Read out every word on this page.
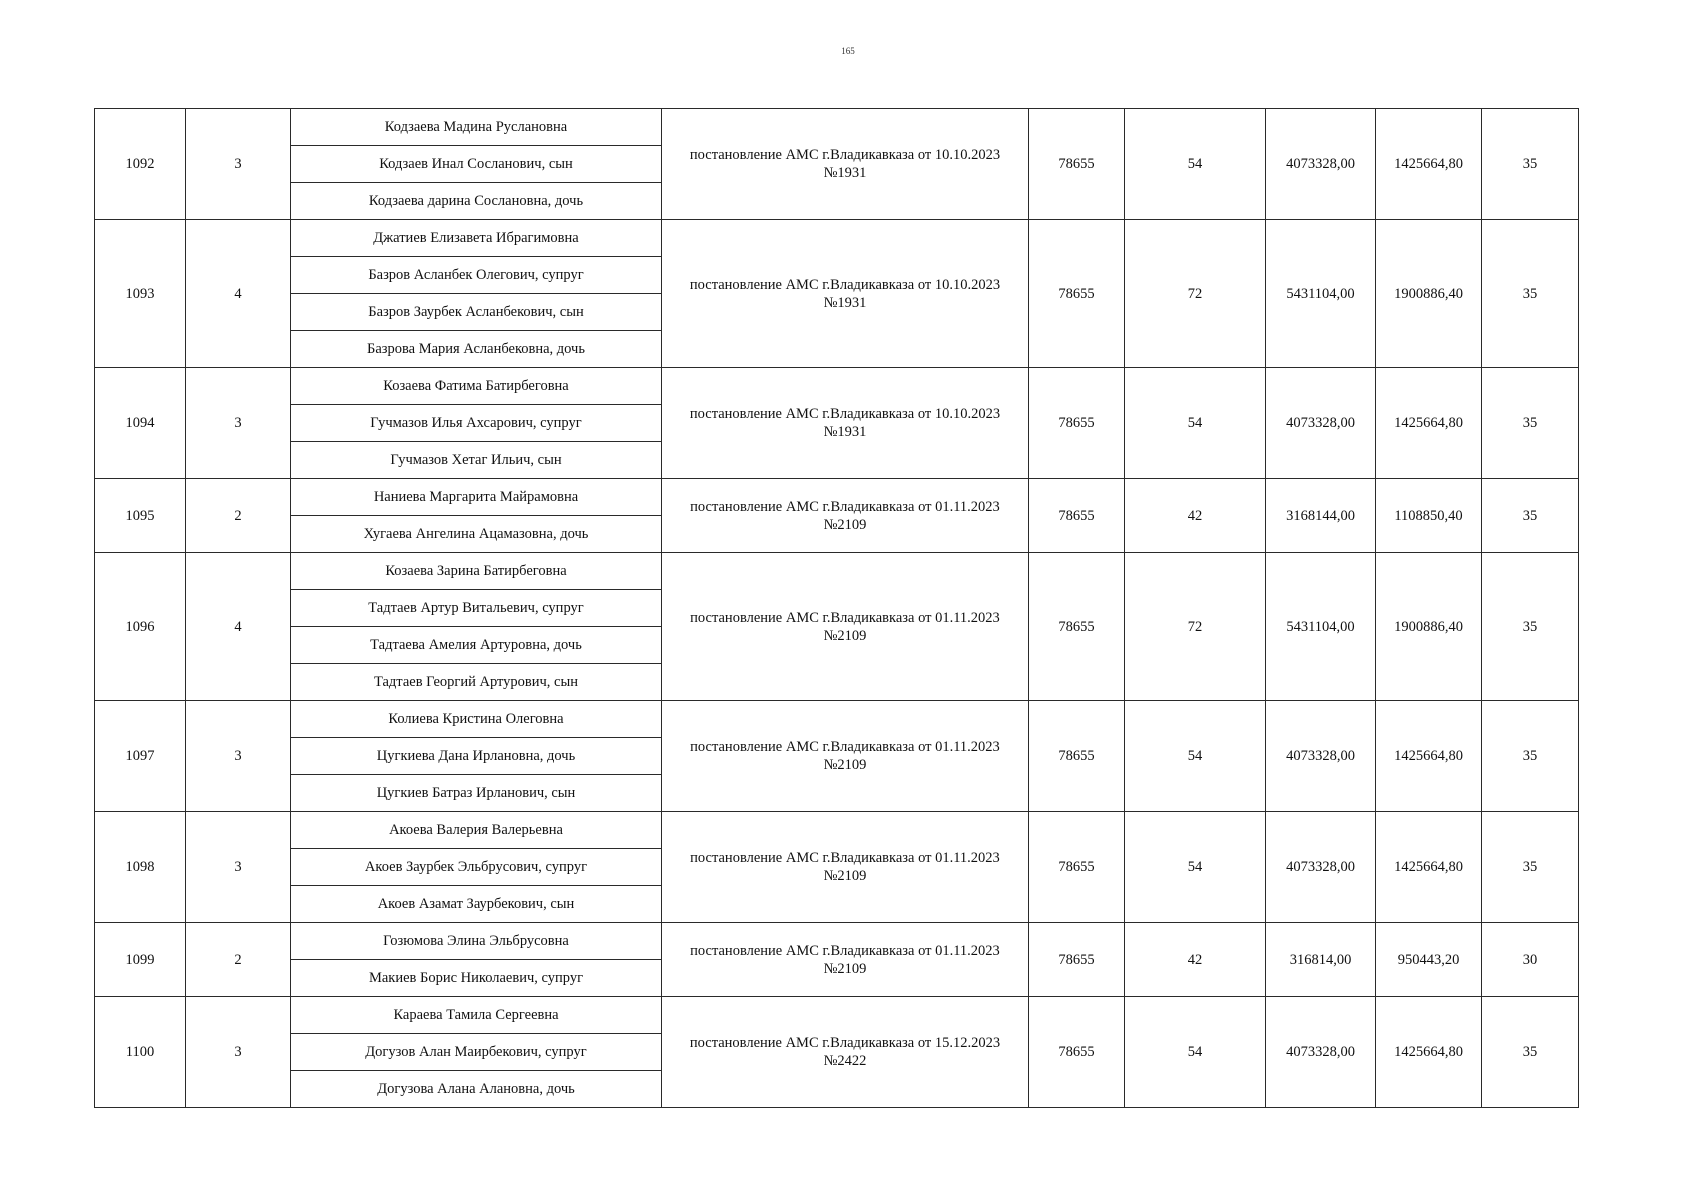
165
1092	3	Кодзаева Мадина Руслановна	постановление АМС г.Владикавказа от 10.10.2023
№1931	78655	54	4073328,00	1425664,80	35
		Кодзаев Инал Сосланович, сын						
		Кодзаева дарина Сослановна, дочь						
1093	4	Джатиев Елизавета Ибрагимовна	постановление АМС г.Владикавказа от 10.10.2023
№1931	78655	72	5431104,00	1900886,40	35
		Базров Асланбек Олегович, супруг						
		Базров Заурбек Асланбекович, сын						
		Базрова Мария Асланбековна, дочь						
1094	3	Козаева Фатима Батирбеговна	постановление АМС г.Владикавказа от 10.10.2023
№1931	78655	54	4073328,00	1425664,80	35
		Гучмазов Илья Ахсарович, супруг						
		Гучмазов Хетаг Ильич, сын						
1095	2	Наниева Маргарита Майрамовна	постановление АМС г.Владикавказа от 01.11.2023
№2109	78655	42	3168144,00	1108850,40	35
		Хугаева Ангелина Ацамазовна, дочь						
1096	4	Козаева Зарина Батирбеговна	постановление АМС г.Владикавказа от 01.11.2023
№2109	78655	72	5431104,00	1900886,40	35
		Тадтаев Артур Витальевич, супруг						
		Тадтаева Амелия Артуровна, дочь						
		Тадтаев Георгий Артурович, сын						
1097	3	Колиева Кристина Олеговна	постановление АМС г.Владикавказа от 01.11.2023
№2109	78655	54	4073328,00	1425664,80	35
		Цугкиева Дана Ирлановна, дочь						
		Цугкиев Батраз Ирланович, сын						
1098	3	Акоева Валерия Валерьевна	постановление АМС г.Владикавказа от 01.11.2023
№2109	78655	54	4073328,00	1425664,80	35
		Акоев Заурбек Эльбрусович, супруг						
		Акоев Азамат Заурбекович, сын						
1099	2	Гозюмова Элина Эльбрусовна	постановление АМС г.Владикавказа от 01.11.2023
№2109	78655	42	316814,00	950443,20	30
		Макиев Борис Николаевич, супруг						
1100	3	Караева Тамила Сергеевна	постановление АМС г.Владикавказа от 15.12.2023
№2422	78655	54	4073328,00	1425664,80	35
		Догузов Алан Маирбекович, супруг						
		Догузова Алана Алановна, дочь						
